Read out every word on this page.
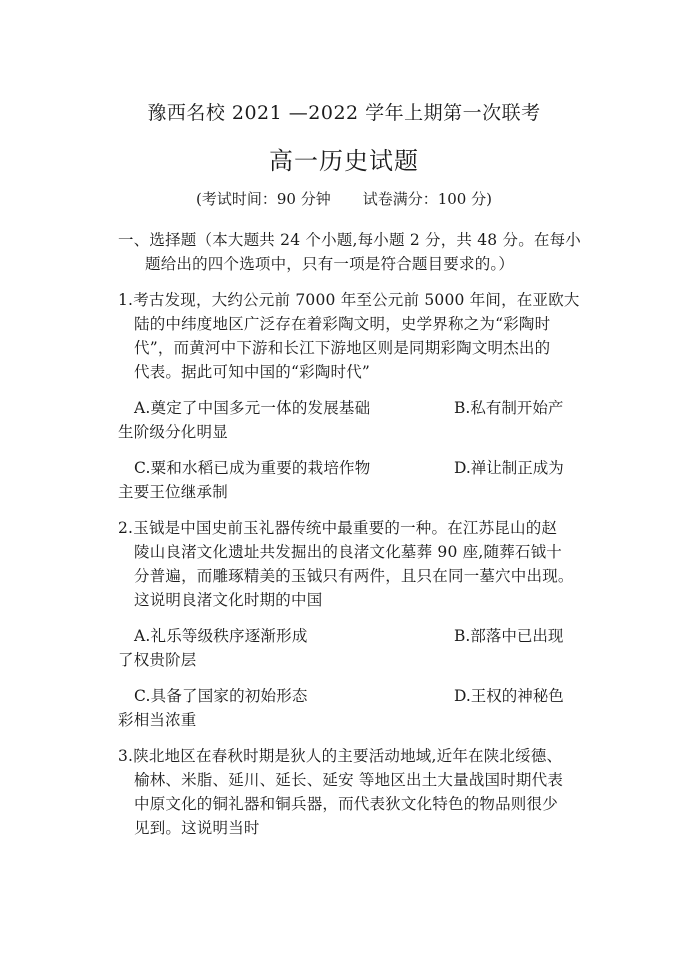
豫西名校 2021 —2022 学年上期第一次联考
高一历史试题
(考试时间：90 分钟 试卷满分：100 分)
一、选择题（本大题共 24 个小题,每小题 2 分，共 48 分。在每小
题给出的四个选项中，只有一项是符合题目要求的。）
1.考古发现，大约公元前 7000 年至公元前 5000 年间，在亚欧大
陆的中纬度地区广泛存在着彩陶文明，史学界称之为“彩陶时
代”，而黄河中下游和长江下游地区则是同期彩陶文明杰出的
代表。据此可知中国的“彩陶时代”
A.奠定了中国多元一体的发展基础	B.私有制开始产
生阶级分化明显
C.粟和水稻已成为重要的栽培作物	D.禅让制正成为
主要王位继承制
2.玉钺是中国史前玉礼器传统中最重要的一种。在江苏昆山的赵
陵山良渚文化遗址共发掘出的良渚文化墓葬 90 座,随葬石钺十
分普遍，而雕琢精美的玉钺只有两件，且只在同一墓穴中出现。
这说明良渚文化时期的中国
A.礼乐等级秩序逐渐形成	B.部落中已出现
了权贵阶层
C.具备了国家的初始形态	D.王权的神秘色
彩相当浓重
3.陕北地区在春秋时期是狄人的主要活动地域,近年在陕北绥德、
榆林、米脂、延川、延长、延安 等地区出土大量战国时期代表
中原文化的铜礼器和铜兵器，而代表狄文化特色的物品则很少
见到。这说明当时
